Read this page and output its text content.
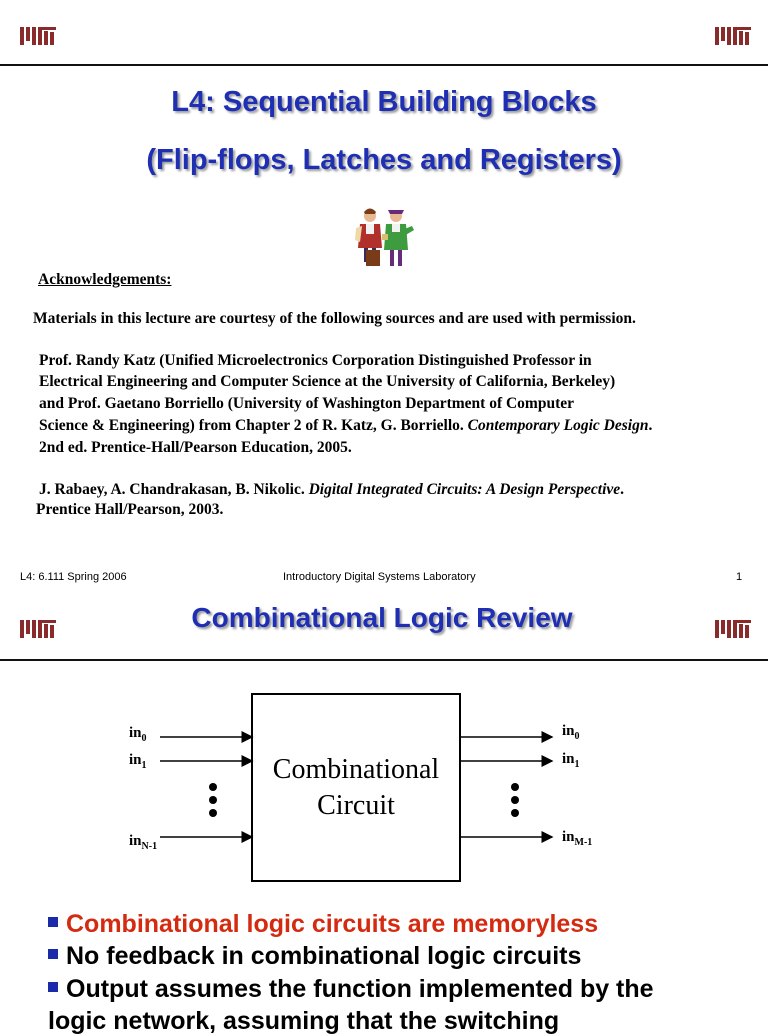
L4: Sequential Building Blocks
(Flip-flops, Latches and Registers)
Acknowledgements:
Materials in this lecture are courtesy of the following sources and are used with permission.
Prof. Randy Katz (Unified Microelectronics Corporation Distinguished Professor in
Electrical Engineering and Computer Science at the University of California, Berkeley)
and Prof. Gaetano Borriello (University of Washington Department of Computer
Science & Engineering) from Chapter 2 of R. Katz, G. Borriello. Contemporary Logic Design.
2nd ed. Prentice-Hall/Pearson Education, 2005.
J. Rabaey, A. Chandrakasan, B. Nikolic. Digital Integrated Circuits: A Design Perspective.
Prentice Hall/Pearson, 2003.
L4: 6.111 Spring 2006	Introductory Digital Systems Laboratory	1
Combinational Logic Review
Combinational
Circuit
$in_0$
$in_1$
$in_{N-1}$
$in_0$
$in_1$
$in_{M-1}$
Combinational logic circuits are memoryless
No feedback in combinational logic circuits
Output assumes the function implemented by the
logic network, assuming that the switching
